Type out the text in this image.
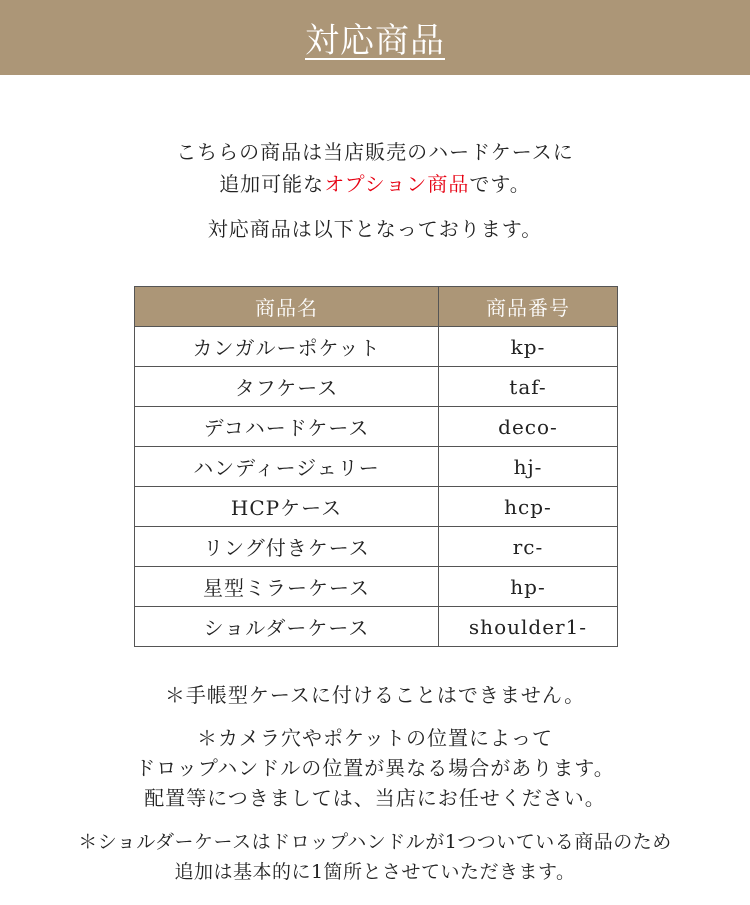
対応商品
こちらの商品は当店販売のハードケースに
追加可能なオプション商品です。
対応商品は以下となっております。
商品名	商品番号
カンガルーポケット	kp-
タフケース	taf-
デコハードケース	deco-
ハンディージェリー	hj-
HCPケース	hcp-
リング付きケース	rc-
星型ミラーケース	hp-
ショルダーケース	shoulder1-
＊手帳型ケースに付けることはできません。
＊カメラ穴やポケットの位置によって
ドロップハンドルの位置が異なる場合があります。
配置等につきましては、当店にお任せください。
＊ショルダーケースはドロップハンドルが1つついている商品のため
追加は基本的に1箇所とさせていただきます。
